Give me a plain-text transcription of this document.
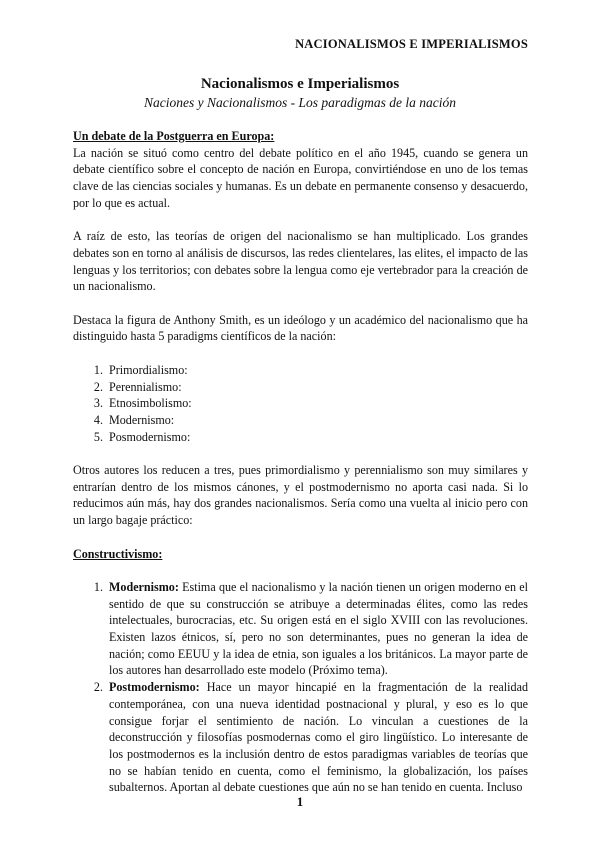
NACIONALISMOS E IMPERIALISMOS
Nacionalismos e Imperialismos
Naciones y Nacionalismos - Los paradigmas de la nación

Un debate de la Postguerra en Europa:

La nación se situó como centro del debate político en el año 1945, cuando se genera un debate científico sobre el concepto de nación en Europa, convirtiéndose en uno de los temas clave de las ciencias sociales y humanas. Es un debate en permanente consenso y desacuerdo, por lo que es actual.

A raíz de esto, las teorías de origen del nacionalismo se han multiplicado. Los grandes debates son en torno al análisis de discursos, las redes clientelares, las elites, el impacto de las lenguas y los territorios; con debates sobre la lengua como eje vertebrador para la creación de un nacionalismo.

Destaca la figura de Anthony Smith, es un ideólogo y un académico del nacionalismo que ha distinguido hasta 5 paradigms científicos de la nación:

1. Primordialismo:
2. Perennialismo:
3. Etnosimbolismo:
4. Modernismo:
5. Posmodernismo:

Otros autores los reducen a tres, pues primordialismo y perennialismo son muy similares y entrarían dentro de los mismos cánones, y el postmodernismo no aporta casi nada. Si lo reducimos aún más, hay dos grandes nacionalismos. Sería como una vuelta al inicio pero con un largo bagaje práctico:

Constructivismo:

1. Modernismo: Estima que el nacionalismo y la nación tienen un origen moderno en el sentido de que su construcción se atribuye a determinadas élites, como las redes intelectuales, burocracias, etc. Su origen está en el siglo XVIII con las revoluciones. Existen lazos étnicos, sí, pero no son determinantes, pues no generan la idea de nación; como EEUU y la idea de etnia, son iguales a los británicos. La mayor parte de los autores han desarrollado este modelo (Próximo tema).
2. Postmodernismo: Hace un mayor hincapié en la fragmentación de la realidad contemporánea, con una nueva identidad postnacional y plural, y eso es lo que consigue forjar el sentimiento de nación. Lo vinculan a cuestiones de la deconstrucción y filosofías posmodernas como el giro lingüístico. Lo interesante de los postmodernos es la inclusión dentro de estos paradigmas variables de teorías que no se habían tenido en cuenta, como el feminismo, la globalización, los países subalternos. Aportan al debate cuestiones que aún no se han tenido en cuenta. Incluso
1
